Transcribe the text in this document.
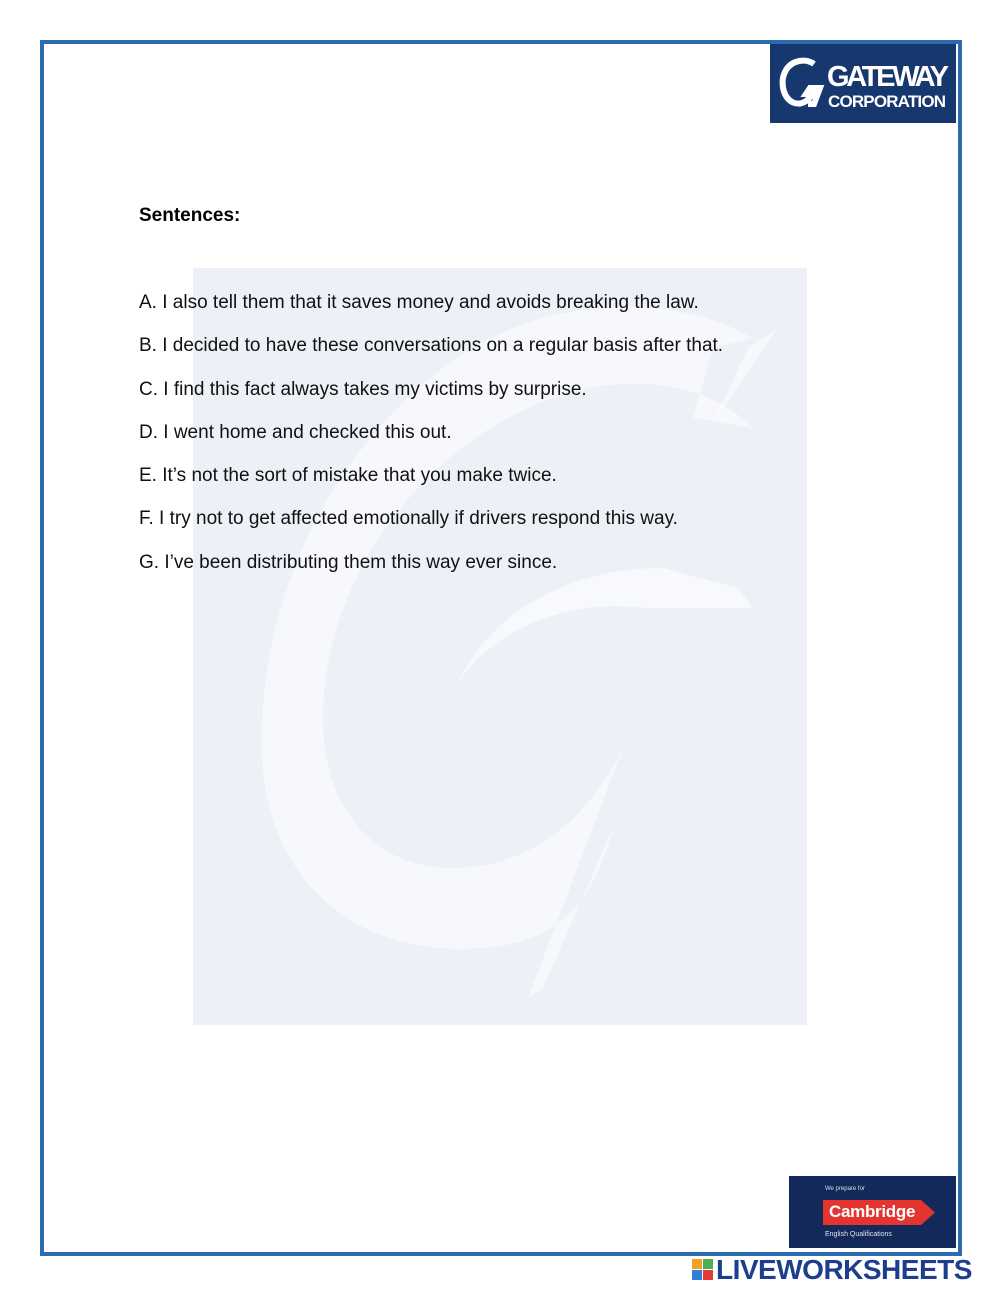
GATEWAY
CORPORATION
Sentences:
A. I also tell them that it saves money and avoids breaking the law.
B. I decided to have these conversations on a regular basis after that.
C. I find this fact always takes my victims by surprise.
D. I went home and checked this out.
E. It’s not the sort of mistake that you make twice.
F. I try not to get affected emotionally if drivers respond this way.
G. I’ve been distributing them this way ever since.
We prepare for
Cambridge
English Qualifications
LIVEWORKSHEETS
